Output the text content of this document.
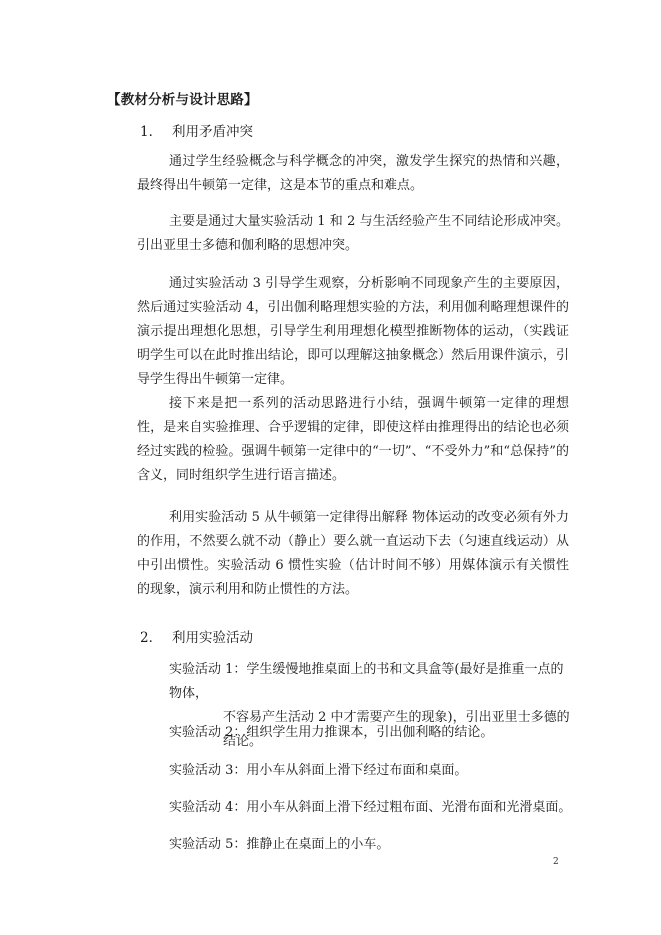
【教材分析与设计思路】
1． 利用矛盾冲突

通过学生经验概念与科学概念的冲突，激发学生探究的热情和兴趣，最终得出牛顿第一定律，这是本节的重点和难点。

主要是通过大量实验活动 1 和 2 与生活经验产生不同结论形成冲突。引出亚里士多德和伽利略的思想冲突。

通过实验活动 3 引导学生观察，分析影响不同现象产生的主要原因，然后通过实验活动 4，引出伽利略理想实验的方法，利用伽利略理想课件的演示提出理想化思想，引导学生利用理想化模型推断物体的运动，（实践证明学生可以在此时推出结论，即可以理解这抽象概念）然后用课件演示，引导学生得出牛顿第一定律。

接下来是把一系列的活动思路进行小结，强调牛顿第一定律的理想性，是来自实验推理、合乎逻辑的定律，即使这样由推理得出的结论也必须经过实践的检验。强调牛顿第一定律中的“一切”、“不受外力”和“总保持”的含义，同时组织学生进行语言描述。

利用实验活动 5 从牛顿第一定律得出解释 物体运动的改变必须有外力的作用，不然要么就不动（静止）要么就一直运动下去（匀速直线运动）从中引出惯性。实验活动 6 惯性实验（估计时间不够）用媒体演示有关惯性的现象，演示利用和防止惯性的方法。

2． 利用实验活动
实验活动 1：学生缓慢地推桌面上的书和文具盒等(最好是推重一点的物体，
不容易产生活动 2 中才需要产生的现象)，引出亚里士多德的结论。
实验活动 2：组织学生用力推课本，引出伽利略的结论。
实验活动 3：用小车从斜面上滑下经过布面和桌面。
实验活动 4：用小车从斜面上滑下经过粗布面、光滑布面和光滑桌面。
实验活动 5：推静止在桌面上的小车。
2
